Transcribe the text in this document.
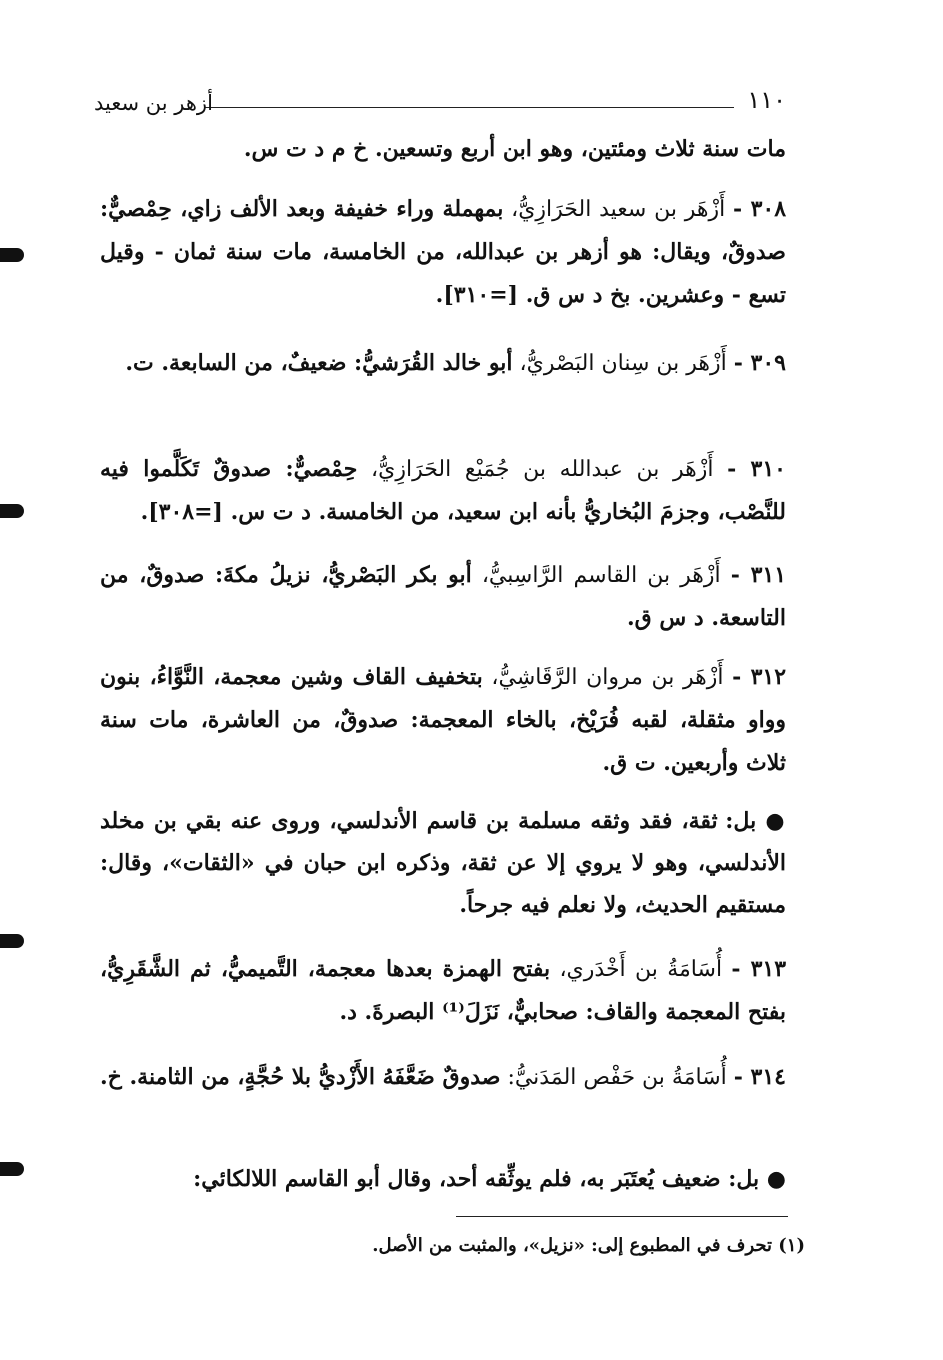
١١٠
أزهر بن سعيد

مات سنة ثلاث ومئتين، وهو ابن أربع وتسعين. خ م د ت س.

٣٠٨ - أَزْهَر بن سعيد الحَرَازِيُّ، بمهملة وراء خفيفة وبعد الألف زاي، حِمْصيٌّ: صدوقٌ، ويقال: هو أزهر بن عبدالله، من الخامسة، مات سنة ثمان - وقيل تسع - وعشرين. بخ د س ق. [=٣١٠].

٣٠٩ - أَزْهَر بن سِنان البَصْريُّ، أبو خالد القُرَشيُّ: ضعيفٌ، من السابعة. ت.

٣١٠ - أَزْهَر بن عبدالله بن جُمَيْع الحَرَازِيُّ، حِمْصيٌّ: صدوقٌ تَكَلَّموا فيه للنَّصْب، وجزمَ البُخاريُّ بأنه ابن سعيد، من الخامسة. د ت س. [=٣٠٨].

٣١١ - أَزْهَر بن القاسم الرَّاسِبيُّ، أبو بكر البَصْريُّ، نزيلُ مكةَ: صدوقٌ، من التاسعة. د س ق.

٣١٢ - أَزْهَر بن مروان الرَّقَاشِيُّ، بتخفيف القاف وشين معجمة، النَّوَّاءُ، بنون وواو مثقلة، لقبه فُرَيْخ، بالخاء المعجمة: صدوقٌ، من العاشرة، مات سنة ثلاث وأربعين. ت ق.

● بل: ثقة، فقد وثقه مسلمة بن قاسم الأندلسي، وروى عنه بقي بن مخلد الأندلسي، وهو لا يروي إلا عن ثقة، وذكره ابن حبان في «الثقات»، وقال: مستقيم الحديث، ولا نعلم فيه جرحاً.

٣١٣ - أُسَامَةُ بن أَخْدَري، بفتح الهمزة بعدها معجمة، التَّميميُّ، ثم الشَّقَرِيُّ، بفتح المعجمة والقاف: صحابيٌّ، نَزَلَ⁽¹⁾ البصرةَ. د.

٣١٤ - أُسَامَةُ بن حَفْص المَدَنيُّ: صدوقٌ ضَعَّفَهُ الأَزْديُّ بلا حُجَّةٍ، من الثامنة. خ.

● بل: ضعيف يُعتَبَر به، فلم يوثِّقه أحد، وقال أبو القاسم اللالكائي:

(١) تحرف في المطبوع إلى: «نزيل»، والمثبت من الأصل.
